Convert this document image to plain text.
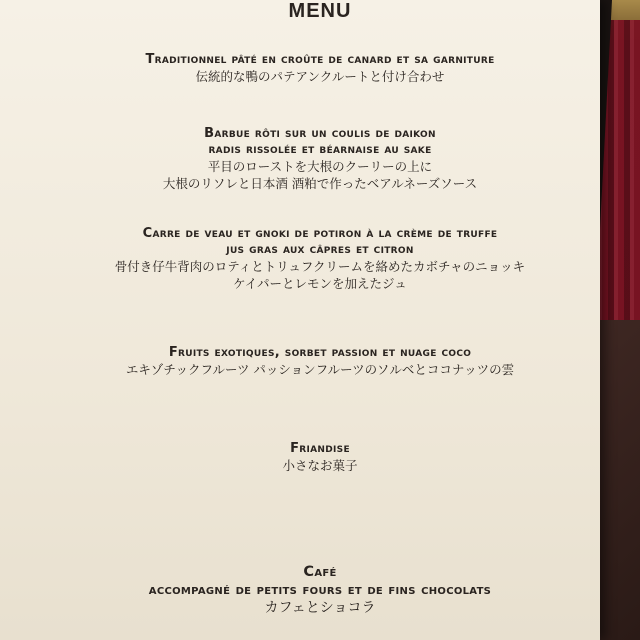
MENU

Traditionnel pâté en croûte de canard et sa garniture

伝統的な鴨のパテアンクルートと付け合わせ

Barbue rôti sur un coulis de daikon

radis rissolée et béarnaise au sake

平目のローストを大根のクーリーの上に

大根のリソレと日本酒 酒粕で作ったベアルネーズソース

Carre de veau et gnoki de potiron à la crème de truffe

jus gras aux câpres et citron

骨付き仔牛背肉のロティとトリュフクリームを絡めたカボチャのニョッキ

ケイパーとレモンを加えたジュ

Fruits exotiques, sorbet passion et nuage coco

エキゾチックフルーツ パッションフルーツのソルベとココナッツの雲

Friandise

小さなお菓子

Café

accompagné de petits fours et de fins chocolats

カフェとショコラ
